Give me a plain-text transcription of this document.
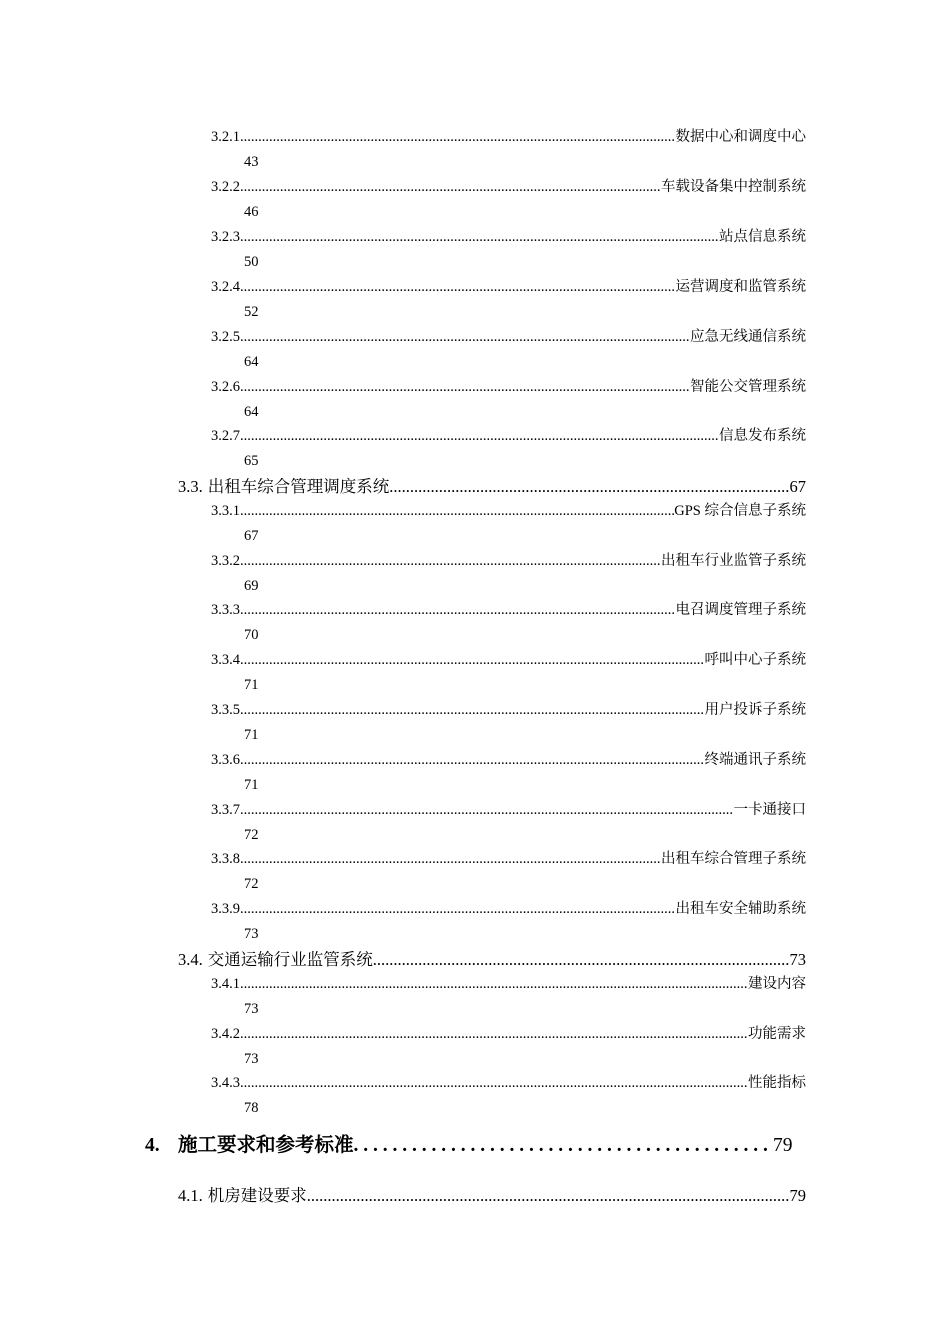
3.2.1 .....	数据中心和调度中心
43
3.2.2 .....	车载设备集中控制系统
46
3.2.3 .....	站点信息系统
50
3.2.4 .....	运营调度和监管系统
52
3.2.5 .....	应急无线通信系统
64
3.2.6 .....	智能公交管理系统
64
3.2.7 .....	信息发布系统
65
3.3. 出租车综合管理调度系统 .....	67
3.3.1 .....	GPS 综合信息子系统
67
3.3.2 .....	出租车行业监管子系统
69
3.3.3 .....	电召调度管理子系统
70
3.3.4 .....	呼叫中心子系统
71
3.3.5 .....	用户投诉子系统
71
3.3.6 .....	终端通讯子系统
71
3.3.7 .....	一卡通接口
72
3.3.8 .....	出租车综合管理子系统
72
3.3.9 .....	出租车安全辅助系统
73
3.4. 交通运输行业监管系统 .....	73
3.4.1 .....	建设内容
73
3.4.2 .....	功能需求
73
3.4.3 .....	性能指标
78
4. 施工要求和参考标准 . . .	79
4.1. 机房建设要求 .....	79
